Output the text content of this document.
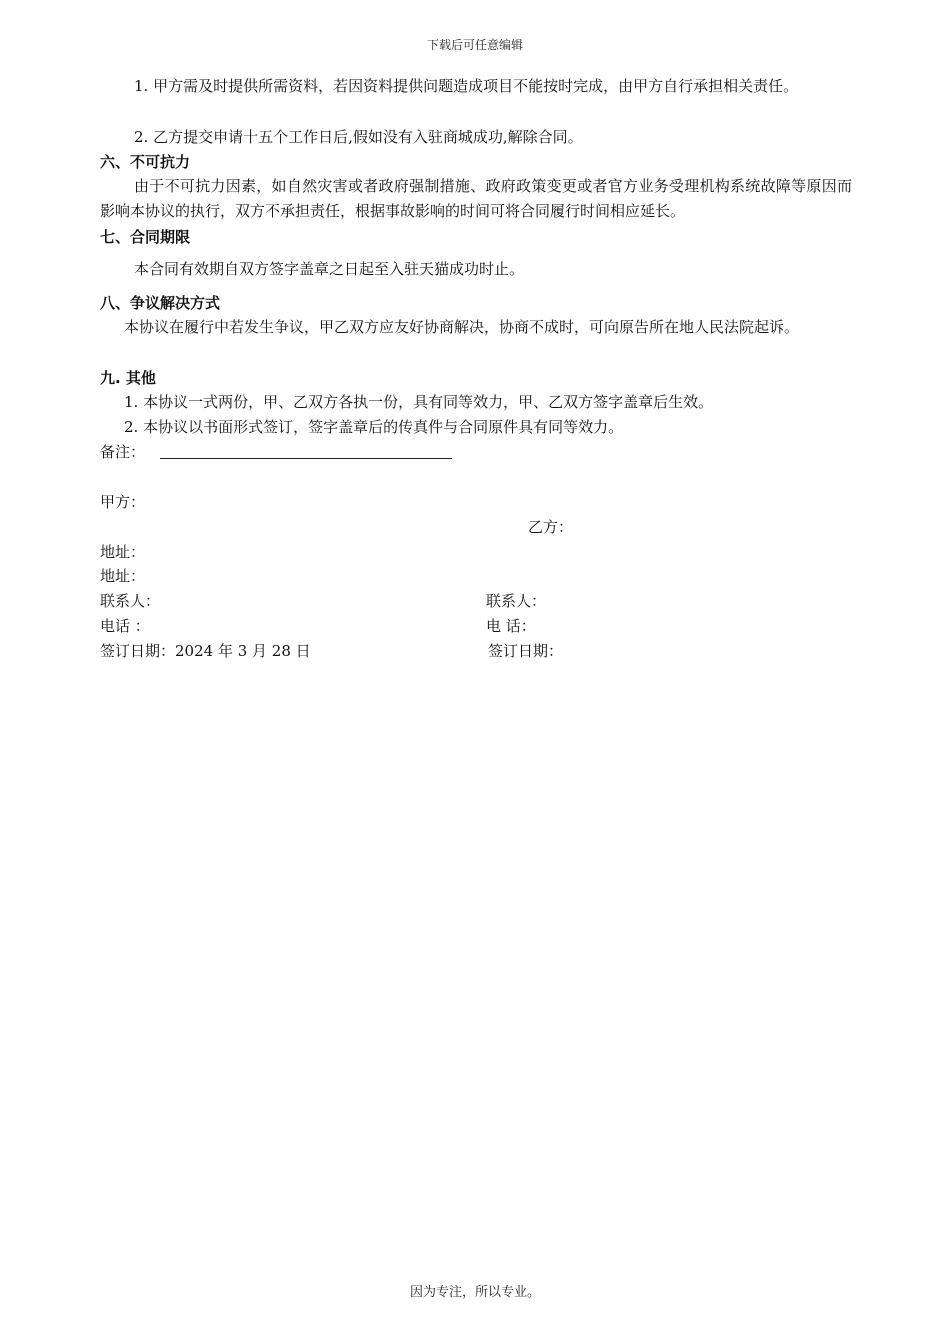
下载后可任意编辑
1. 甲方需及时提供所需资料，若因资料提供问题造成项目不能按时完成，由甲方自行承担相关责任。
2. 乙方提交申请十五个工作日后,假如没有入驻商城成功,解除合同。
六、不可抗力
由于不可抗力因素，如自然灾害或者政府强制措施、政府政策变更或者官方业务受理机构系统故障等原因而影响本协议的执行，双方不承担责任，根据事故影响的时间可将合同履行时间相应延长。
七、合同期限
本合同有效期自双方签字盖章之日起至入驻天猫成功时止。
八、争议解决方式
本协议在履行中若发生争议，甲乙双方应友好协商解决，协商不成时，可向原告所在地人民法院起诉。
九. 其他
1. 本协议一式两份，甲、乙双方各执一份，具有同等效力，甲、乙双方签字盖章后生效。
2. 本协议以书面形式签订，签字盖章后的传真件与合同原件具有同等效力。
备注：
甲方：
乙方：
地址：
地址：
联系人：	联系人：
电话 ：	电 话：
签订日期：2024 年 3 月 28 日	签订日期：
因为专注，所以专业。
